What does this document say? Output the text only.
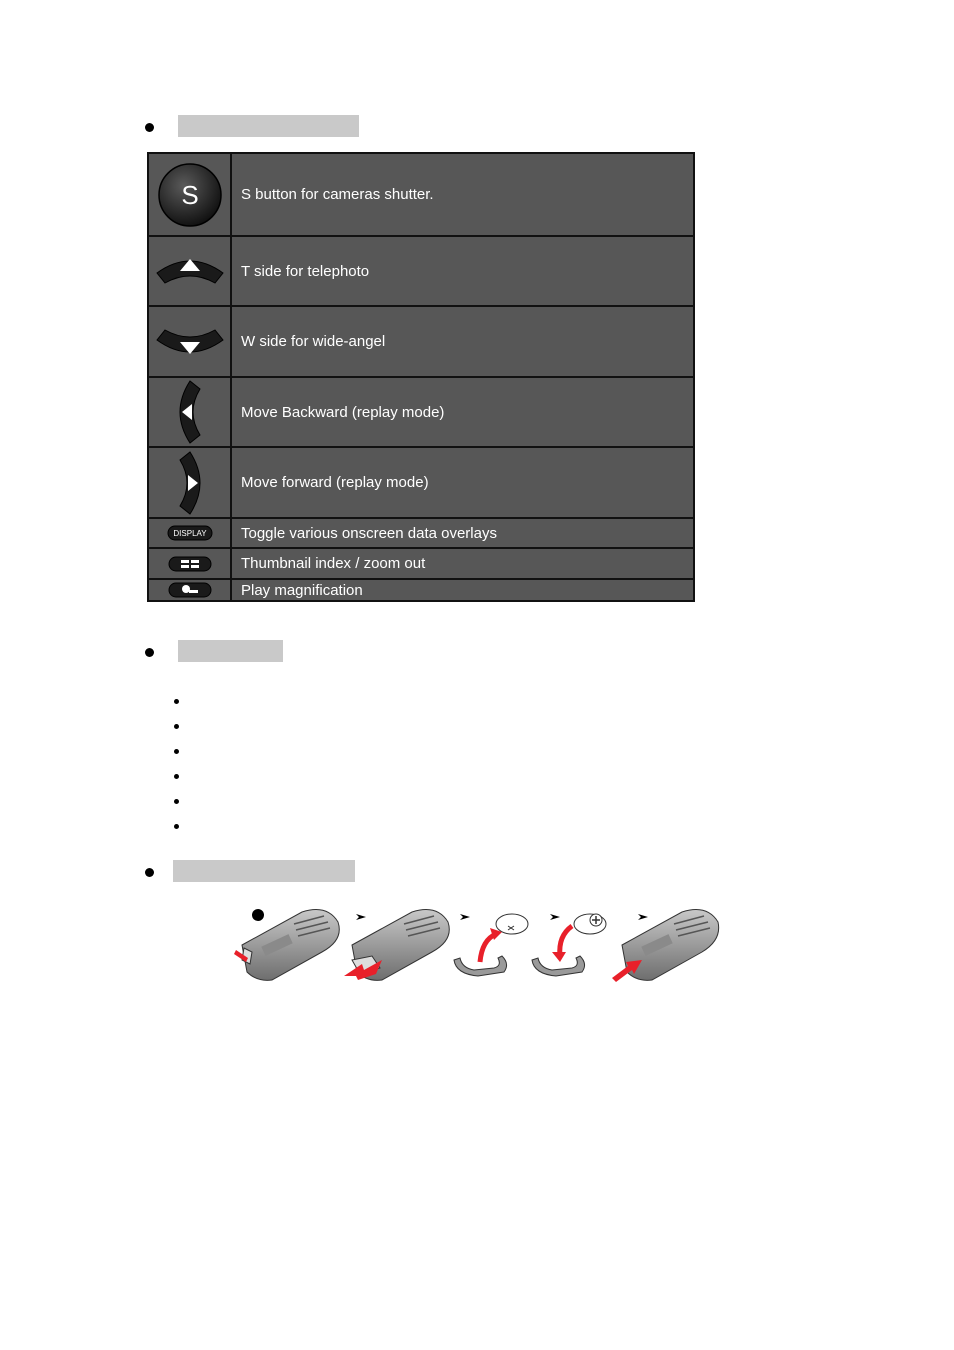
S	S button for cameras shutter.
T side for telephoto
W side for wide-angel
Move Backward (replay mode)
Move forward (replay mode)
DISPLAY Toggle various onscreen data overlays
Thumbnail index / zoom out
Play magnification
